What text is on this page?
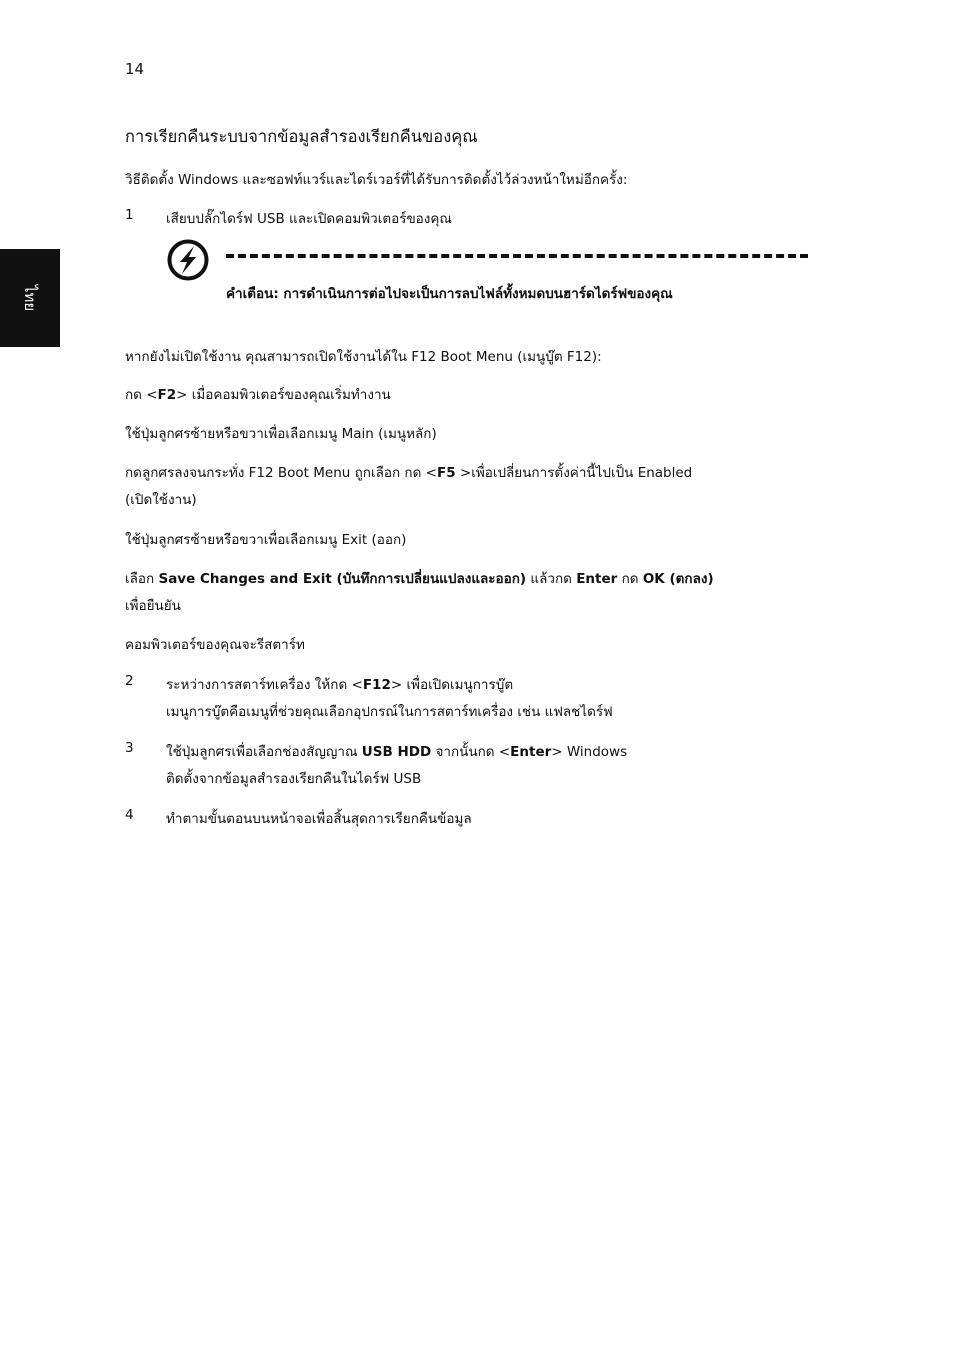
14
ไทย
การเรียกคืนระบบจากข้อมูลสำรองเรียกคืนของคุณ
วิธีติดตั้ง Windows และซอฟท์แวร์และไดร์เวอร์ที่ได้รับการติดตั้งไว้ล่วงหน้าใหม่อีกครั้ง:
1 เสียบปลั๊กไดร์ฟ USB และเปิดคอมพิวเตอร์ของคุณ
คำเตือน: การดำเนินการต่อไปจะเป็นการลบไฟล์ทั้งหมดบนฮาร์ดไดร์ฟของคุณ
หากยังไม่เปิดใช้งาน คุณสามารถเปิดใช้งานได้ใน F12 Boot Menu (เมนูบู๊ต F12):
กด <F2> เมื่อคอมพิวเตอร์ของคุณเริ่มทำงาน
ใช้ปุ่มลูกศรซ้ายหรือขวาเพื่อเลือกเมนู Main (เมนูหลัก)
กดลูกศรลงจนกระทั่ง F12 Boot Menu ถูกเลือก กด <F5 >เพื่อเปลี่ยนการตั้งค่านี้ไปเป็น Enabled
(เปิดใช้งาน)
ใช้ปุ่มลูกศรซ้ายหรือขวาเพื่อเลือกเมนู Exit (ออก)
เลือก Save Changes and Exit (บันทึกการเปลี่ยนแปลงและออก) แล้วกด Enter กด OK (ตกลง)
เพื่อยืนยัน
คอมพิวเตอร์ของคุณจะรีสตาร์ท
2 ระหว่างการสตาร์ทเครื่อง ให้กด <F12> เพื่อเปิดเมนูการบู๊ต
เมนูการบู๊ตคือเมนูที่ช่วยคุณเลือกอุปกรณ์ในการสตาร์ทเครื่อง เช่น แฟลชไดร์ฟ
3 ใช้ปุ่มลูกศรเพื่อเลือกช่องสัญญาณ USB HDD จากนั้นกด <Enter> Windows
ติดตั้งจากข้อมูลสำรองเรียกคืนในไดร์ฟ USB
4 ทำตามขั้นตอนบนหน้าจอเพื่อสิ้นสุดการเรียกคืนข้อมูล
